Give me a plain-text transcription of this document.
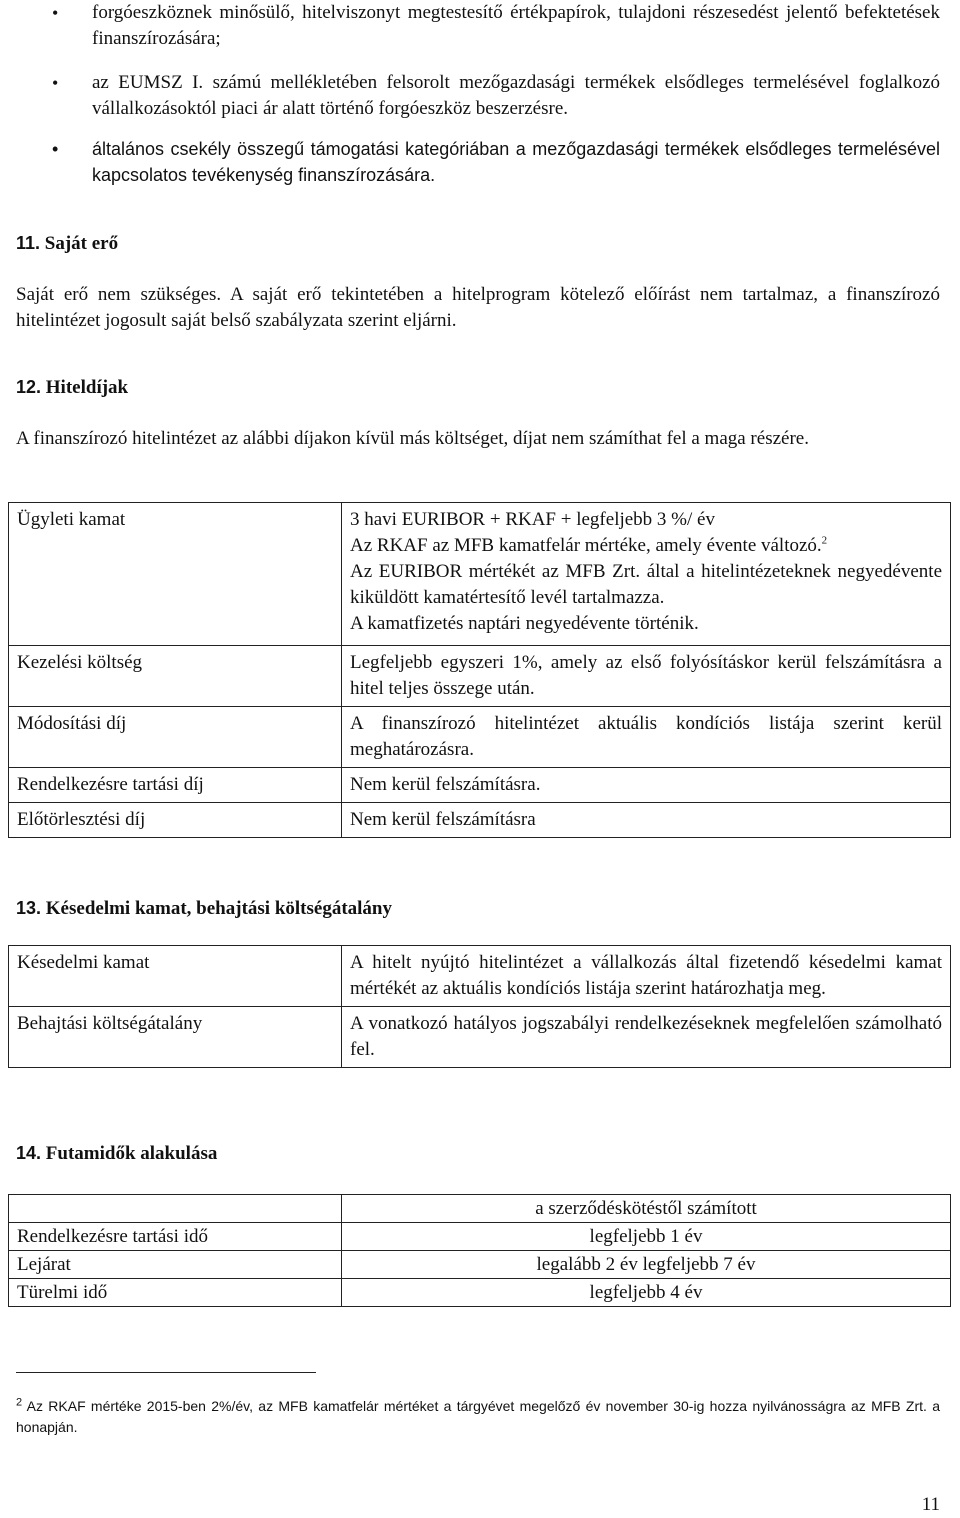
• forgóeszköznek minősülő, hitelviszonyt megtestesítő értékpapírok, tulajdoni részesedést jelentő befektetések finanszírozására;
• az EUMSZ I. számú mellékletében felsorolt mezőgazdasági termékek elsődleges termelésével foglalkozó vállalkozásoktól piaci ár alatt történő forgóeszköz beszerzésre.
• általános csekély összegű támogatási kategóriában a mezőgazdasági termékek elsődleges termelésével kapcsolatos tevékenység finanszírozására.
11. Saját erő
Saját erő nem szükséges. A saját erő tekintetében a hitelprogram kötelező előírást nem tartalmaz, a finanszírozó hitelintézet jogosult saját belső szabályzata szerint eljárni.
12. Hiteldíjak
A finanszírozó hitelintézet az alábbi díjakon kívül más költséget, díjat nem számíthat fel a maga részére.
Ügyleti kamat	3 havi EURIBOR + RKAF + legfeljebb 3 %/ év

Az RKAF az MFB kamatfelár mértéke, amely évente változó.$^2$

Az EURIBOR mértékét az MFB Zrt. által a hitelintézeteknek negyedévente kiküldött kamatértesítő levél tartalmazza.

A kamatfizetés naptári negyedévente történik.

Kezelési költség	Legfeljebb egyszeri 1%, amely az első folyósításkor kerül felszámításra a hitel teljes összege után.
Módosítási díj	A finanszírozó hitelintézet aktuális kondíciós listája szerint kerül meghatározásra.
Rendelkezésre tartási díj	Nem kerül felszámításra.
Előtörlesztési díj	Nem kerül felszámításra
13. Késedelmi kamat, behajtási költségátalány
Késedelmi kamat	A hitelt nyújtó hitelintézet a vállalkozás által fizetendő késedelmi kamat mértékét az aktuális kondíciós listája szerint határozhatja meg.
Behajtási költségátalány	A vonatkozó hatályos jogszabályi rendelkezéseknek megfelelően számolható fel.
14. Futamidők alakulása
	a szerződéskötéstől számított
Rendelkezésre tartási idő	legfeljebb 1 év
Lejárat	legalább 2 év legfeljebb 7 év
Türelmi idő	legfeljebb 4 év
$^2$ Az RKAF mértéke 2015-ben 2%/év, az MFB kamatfelár mértéket a tárgyévet megelőző év november 30-ig hozza nyilvánosságra az MFB Zrt. a honapján.
11
